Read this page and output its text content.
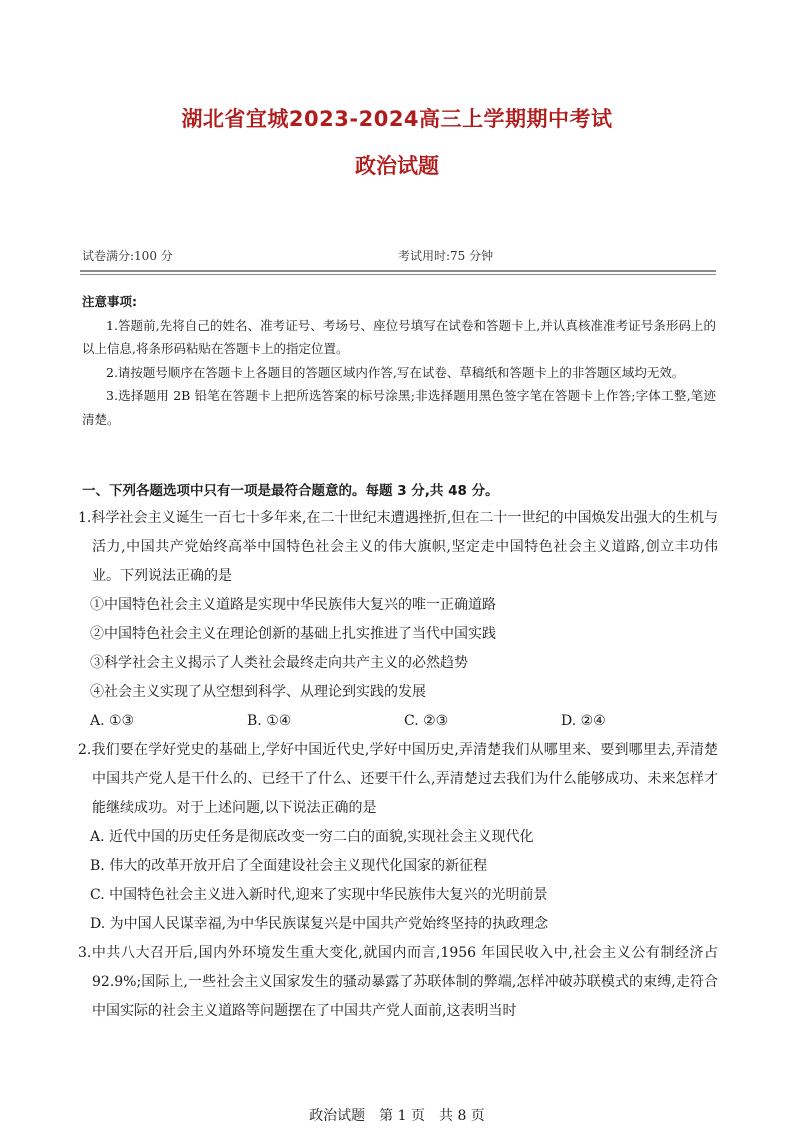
湖北省宜城2023-2024高三上学期期中考试
政治试题
试卷满分:100 分	考试用时:75 分钟
注意事项:

1.答题前,先将自己的姓名、准考证号、考场号、座位号填写在试卷和答题卡上,并认真核准准考证号条形码上的以上信息,将条形码粘贴在答题卡上的指定位置。

2.请按题号顺序在答题卡上各题目的答题区域内作答,写在试卷、草稿纸和答题卡上的非答题区域均无效。

3.选择题用 2B 铅笔在答题卡上把所选答案的标号涂黑;非选择题用黑色签字笔在答题卡上作答;字体工整,笔迹清楚。

一、下列各题选项中只有一项是最符合题意的。每题 3 分,共 48 分。

1.科学社会主义诞生一百七十多年来,在二十世纪末遭遇挫折,但在二十一世纪的中国焕发出强大的生机与活力,中国共产党始终高举中国特色社会主义的伟大旗帜,坚定走中国特色社会主义道路,创立丰功伟业。下列说法正确的是

①中国特色社会主义道路是实现中华民族伟大复兴的唯一正确道路

②中国特色社会主义在理论创新的基础上扎实推进了当代中国实践

③科学社会主义揭示了人类社会最终走向共产主义的必然趋势

④社会主义实现了从空想到科学、从理论到实践的发展

A. ①③	B. ①④	C. ②③	D. ②④

2.我们要在学好党史的基础上,学好中国近代史,学好中国历史,弄清楚我们从哪里来、要到哪里去,弄清楚中国共产党人是干什么的、已经干了什么、还要干什么,弄清楚过去我们为什么能够成功、未来怎样才能继续成功。对于上述问题,以下说法正确的是

A. 近代中国的历史任务是彻底改变一穷二白的面貌,实现社会主义现代化

B. 伟大的改革开放开启了全面建设社会主义现代化国家的新征程

C. 中国特色社会主义进入新时代,迎来了实现中华民族伟大复兴的光明前景

D. 为中国人民谋幸福,为中华民族谋复兴是中国共产党始终坚持的执政理念

3.中共八大召开后,国内外环境发生重大变化,就国内而言,1956 年国民收入中,社会主义公有制经济占 92.9%;国际上,一些社会主义国家发生的骚动暴露了苏联体制的弊端,怎样冲破苏联模式的束缚,走符合中国实际的社会主义道路等问题摆在了中国共产党人面前,这表明当时

政治试题　第 1 页　共 8 页
